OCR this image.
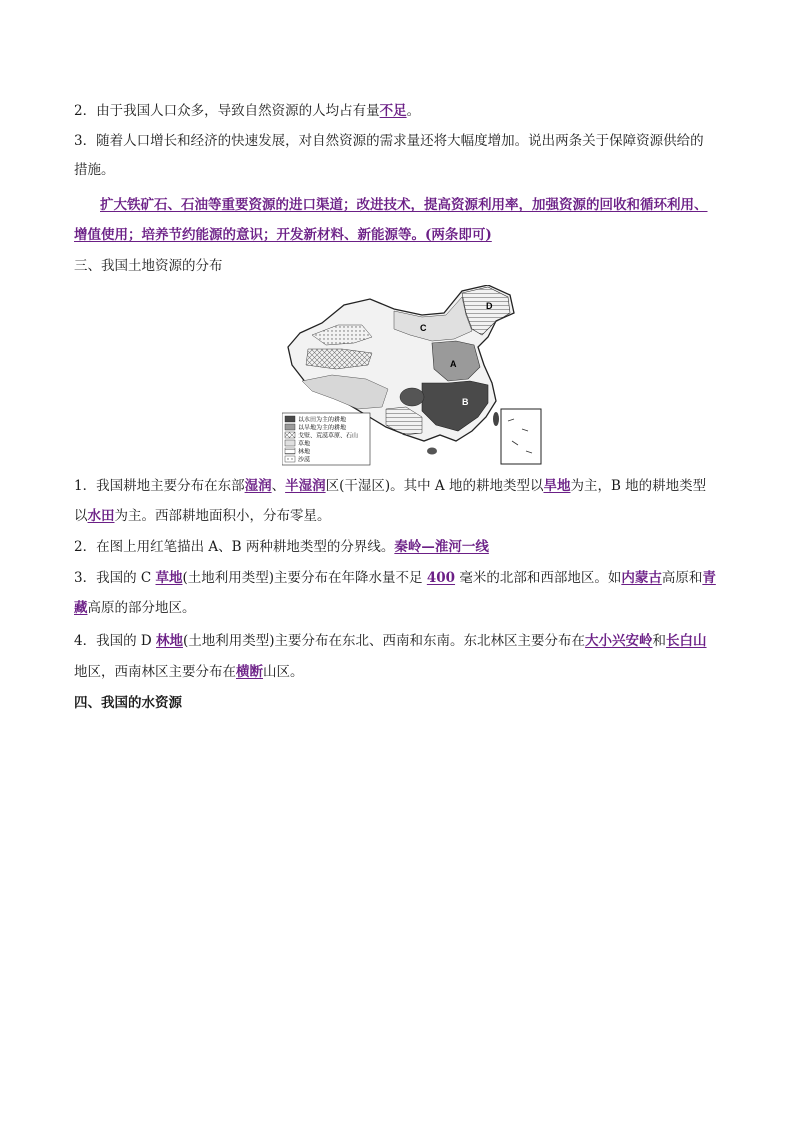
2．由于我国人口众多，导致自然资源的人均占有量不足。
3．随着人口增长和经济的快速发展，对自然资源的需求量还将大幅度增加。说出两条关于保障资源供给的
措施。
扩大铁矿石、石油等重要资源的进口渠道；改进技术，提高资源利用率，加强资源的回收和循环利用、
增值使用；培养节约能源的意识；开发新材料、新能源等。(两条即可)
三、我国土地资源的分布
A
B
C
D
以水田为主的耕地
以旱地为主的耕地
戈壁、荒漠草原、石山
草地
林地
沙漠
1．我国耕地主要分布在东部湿润、半湿润区(干湿区)。其中 A 地的耕地类型以旱地为主，B 地的耕地类型
以水田为主。西部耕地面积小，分布零星。
2．在图上用红笔描出 A、B 两种耕地类型的分界线。秦岭—淮河一线
3．我国的 C 草地(土地利用类型)主要分布在年降水量不足 400 毫米的北部和西部地区。如内蒙古高原和青
藏高原的部分地区。
4．我国的 D 林地(土地利用类型)主要分布在东北、西南和东南。东北林区主要分布在大小兴安岭和长白山
地区，西南林区主要分布在横断山区。
四、我国的水资源
